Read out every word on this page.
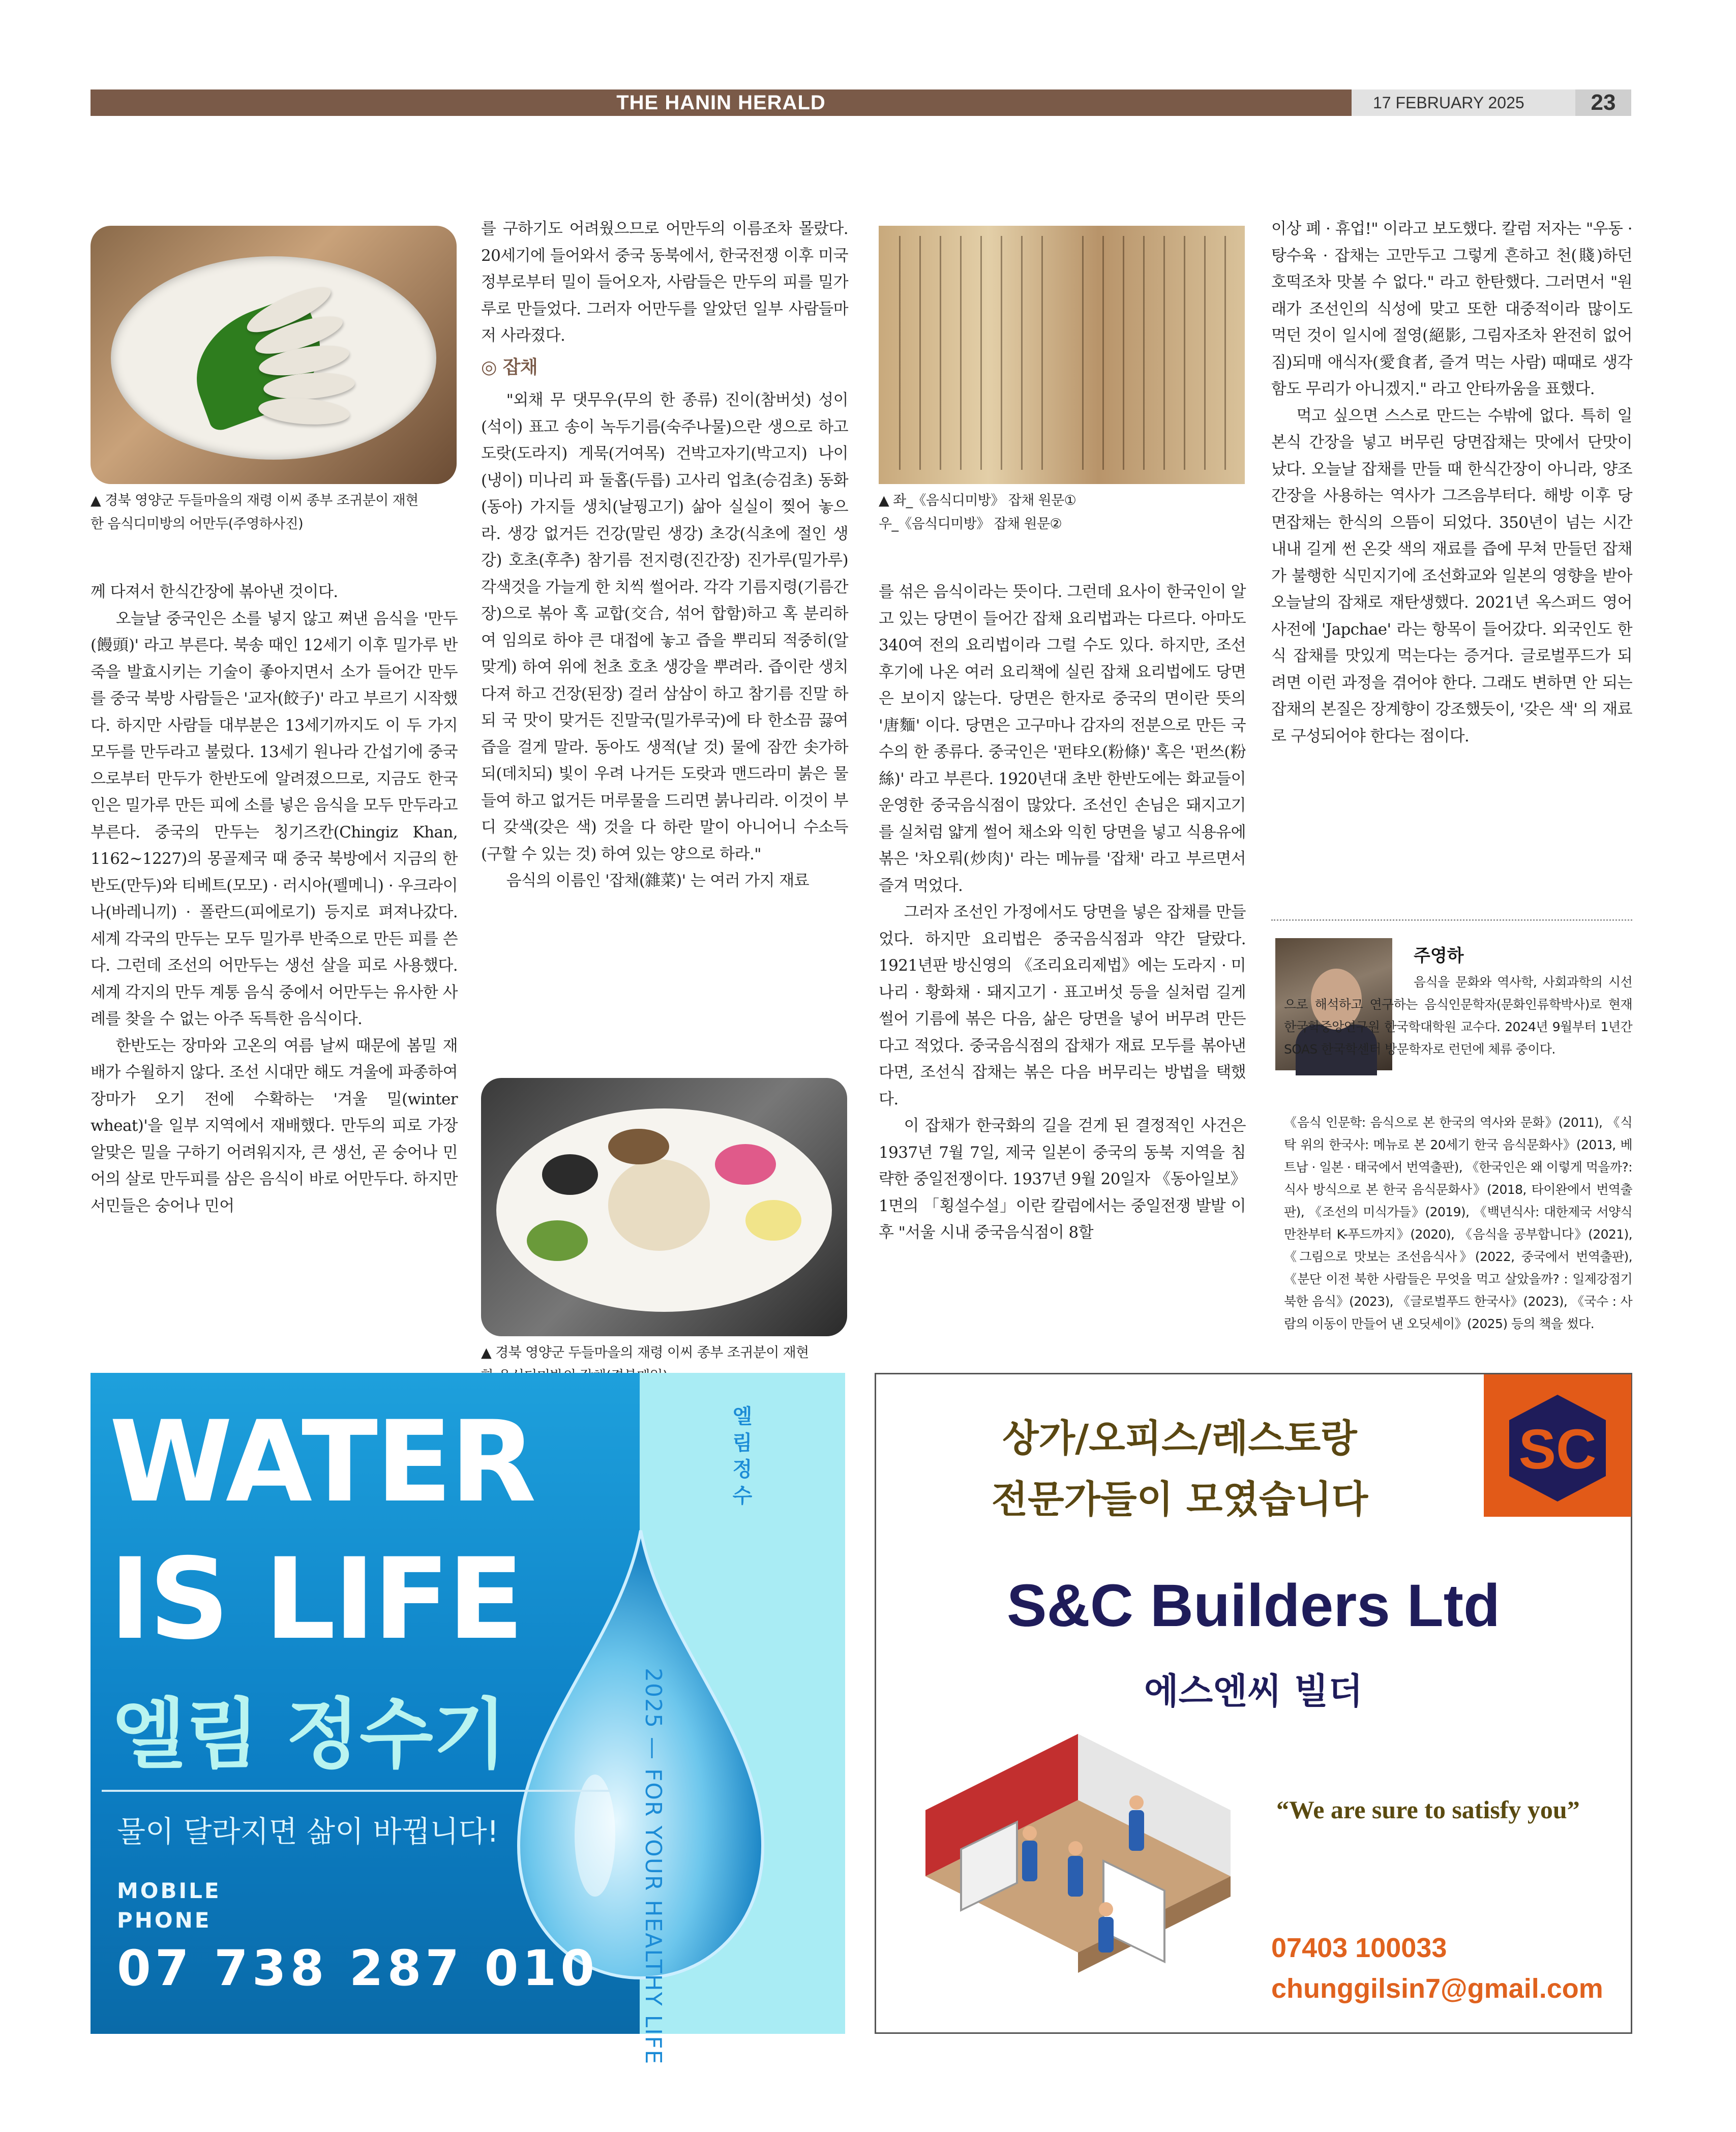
THE HANIN HERALD	17 FEBRUARY 2025	23
▲ 경북 영양군 두들마을의 재령 이씨 종부 조귀분이 재현
한 음식디미방의 어만두(주영하사진)

께 다져서 한식간장에 볶아낸 것이다.

오늘날 중국인은 소를 넣지 않고 쪄낸 음식을 '만두(饅頭)' 라고 부른다. 북송 때인 12세기 이후 밀가루 반죽을 발효시키는 기술이 좋아지면서 소가 들어간 만두를 중국 북방 사람들은 '교자(餃子)' 라고 부르기 시작했다. 하지만 사람들 대부분은 13세기까지도 이 두 가지 모두를 만두라고 불렀다. 13세기 원나라 간섭기에 중국으로부터 만두가 한반도에 알려졌으므로, 지금도 한국인은 밀가루 만든 피에 소를 넣은 음식을 모두 만두라고 부른다. 중국의 만두는 칭기즈칸(Chingiz Khan, 1162~1227)의 몽골제국 때 중국 북방에서 지금의 한반도(만두)와 티베트(모모) · 러시아(펠메니) · 우크라이나(바레니끼) · 폴란드(피에로기) 등지로 펴져나갔다. 세계 각국의 만두는 모두 밀가루 반죽으로 만든 피를 쓴다. 그런데 조선의 어만두는 생선 살을 피로 사용했다. 세계 각지의 만두 계통 음식 중에서 어만두는 유사한 사례를 찾을 수 없는 아주 독특한 음식이다.

한반도는 장마와 고온의 여름 날씨 때문에 봄밀 재배가 수월하지 않다. 조선 시대만 해도 겨울에 파종하여 장마가 오기 전에 수확하는 '겨울 밀(winter wheat)'을 일부 지역에서 재배했다. 만두의 피로 가장 알맞은 밀을 구하기 어려워지자, 큰 생선, 곧 숭어나 민어의 살로 만두피를 삼은 음식이 바로 어만두다. 하지만 서민들은 숭어나 민어

를 구하기도 어려웠으므로 어만두의 이름조차 몰랐다. 20세기에 들어와서 중국 동북에서, 한국전쟁 이후 미국 정부로부터 밀이 들어오자, 사람들은 만두의 피를 밀가루로 만들었다. 그러자 어만두를 알았던 일부 사람들마저 사라졌다.

◎ 잡채

"외채 무 댓무우(무의 한 종류) 진이(참버섯) 성이(석이) 표고 송이 녹두기름(숙주나물)으란 생으로 하고 도랏(도라지) 게묵(거여목) 건박고자기(박고지) 나이(냉이) 미나리 파 둘홉(두릅) 고사리 업초(승검초) 동화(동아) 가지들 생치(날꿩고기) 삶아 실실이 찢어 놓으라. 생강 없거든 건강(말린 생강) 초강(식초에 절인 생강) 호초(후추) 참기름 전지령(진간장) 진가루(밀가루) 각색것을 가늘게 한 치씩 썰어라. 각각 기름지령(기름간장)으로 볶아 혹 교합(交合, 섞어 합함)하고 혹 분리하여 임의로 하야 큰 대접에 놓고 즙을 뿌리되 적중히(알맞게) 하여 위에 천초 호초 생강을 뿌려라. 즙이란 생치 다져 하고 건장(된장) 걸러 삼삼이 하고 참기름 진말 하되 국 맛이 맞거든 진말국(밀가루국)에 타 한소끔 끓여 즙을 걸게 말라. 동아도 생적(날 것) 물에 잠깐 솟가하되(데치되) 빛이 우려 나거든 도랏과 맨드라미 붉은 물 들여 하고 없거든 머루물을 드리면 붉나리라. 이것이 부디 갖색(갖은 색) 것을 다 하란 말이 아니어니 수소득(구할 수 있는 것) 하여 있는 양으로 하라."

음식의 이름인 '잡채(雜菜)' 는 여러 가지 재료

▲ 경북 영양군 두들마을의 재령 이씨 종부 조귀분이 재현
▲ 좌_《음식디미방》 잡채 원문①
우_《음식디미방》 잡채 원문②

를 섞은 음식이라는 뜻이다. 그런데 요사이 한국인이 알고 있는 당면이 들어간 잡채 요리법과는 다르다. 아마도 340여 전의 요리법이라 그럴 수도 있다. 하지만, 조선 후기에 나온 여러 요리책에 실린 잡채 요리법에도 당면은 보이지 않는다. 당면은 한자로 중국의 면이란 뜻의 '唐麵' 이다. 당면은 고구마나 감자의 전분으로 만든 국수의 한 종류다. 중국인은 '펀탸오(粉條)' 혹은 '펀쓰(粉絲)' 라고 부른다. 1920년대 초반 한반도에는 화교들이 운영한 중국음식점이 많았다. 조선인 손님은 돼지고기를 실처럼 얇게 썰어 채소와 익힌 당면을 넣고 식용유에 볶은 '차오뤄(炒肉)' 라는 메뉴를 '잡채' 라고 부르면서 즐겨 먹었다.

그러자 조선인 가정에서도 당면을 넣은 잡채를 만들었다. 하지만 요리법은 중국음식점과 약간 달랐다. 1921년판 방신영의 《조리요리제법》에는 도라지 · 미나리 · 황화채 · 돼지고기 · 표고버섯 등을 실처럼 길게 썰어 기름에 볶은 다음, 삶은 당면을 넣어 버무려 만든다고 적었다. 중국음식점의 잡채가 재료 모두를 볶아낸다면, 조선식 잡채는 볶은 다음 버무리는 방법을 택했다.

이 잡채가 한국화의 길을 걷게 된 결정적인 사건은 1937년 7월 7일, 제국 일본이 중국의 동북 지역을 침략한 중일전쟁이다. 1937년 9월 20일자 《동아일보》 1면의 「횡설수설」이란 칼럼에서는 중일전쟁 발발 이후 "서울 시내 중국음식점이 8할

이상 폐 · 휴업!" 이라고 보도했다. 칼럼 저자는 "우동 · 탕수육 · 잡채는 고만두고 그렇게 흔하고 천(賤)하던 호떡조차 맛볼 수 없다." 라고 한탄했다. 그러면서 "원래가 조선인의 식성에 맞고 또한 대중적이라 많이도 먹던 것이 일시에 절영(絕影, 그림자조차 완전히 없어짐)되매 애식자(愛食者, 즐겨 먹는 사람) 때때로 생각함도 무리가 아니겠지." 라고 안타까움을 표했다.

먹고 싶으면 스스로 만드는 수밖에 없다. 특히 일본식 간장을 넣고 버무린 당면잡채는 맛에서 단맛이 났다. 오늘날 잡채를 만들 때 한식간장이 아니라, 양조간장을 사용하는 역사가 그즈음부터다. 해방 이후 당면잡채는 한식의 으뜸이 되었다. 350년이 넘는 시간 내내 길게 썬 온갖 색의 재료를 즙에 무쳐 만들던 잡채가 불행한 식민지기에 조선화교와 일본의 영향을 받아 오늘날의 잡채로 재탄생했다. 2021년 옥스퍼드 영어사전에 'Japchae' 라는 항목이 들어갔다. 외국인도 한식 잡채를 맛있게 먹는다는 증거다. 글로벌푸드가 되려면 이런 과정을 겪어야 한다. 그래도 변하면 안 되는 잡채의 본질은 장계향이 강조했듯이, '갖은 색' 의 재료로 구성되어야 한다는 점이다.

주영하
음식을 문화와 역사학, 사회과학의 시선으로 해석하고 연구하는 음식인문학자(문화인류학박사)로 현재 한국학중앙연구원 한국학대학원 교수다. 2024년 9월부터 1년간 SOAS 한국학센터 방문학자로 런던에 체류 중이다.
《음식 인문학: 음식으로 본 한국의 역사와 문화》(2011), 《식탁 위의 한국사: 메뉴로 본 20세기 한국 음식문화사》(2013, 베트남 · 일본 · 태국에서 번역출판), 《한국인은 왜 이렇게 먹을까?: 식사 방식으로 본 한국 음식문화사》(2018, 타이완에서 번역출판), 《조선의 미식가들》(2019), 《백년식사: 대한제국 서양식 만찬부터 K-푸드까지》(2020), 《음식을 공부합니다》(2021), 《그림으로 맛보는 조선음식사》(2022, 중국에서 번역출판), 《분단 이전 북한 사람들은 무엇을 먹고 살았을까? : 일제강점기 북한 음식》(2023), 《글로벌푸드 한국사》(2023), 《국수 : 사람의 이동이 만들어 낸 오딧세이》(2025) 등의 책을 썼다.
WATER
IS LIFE
엘림 정수기
물이 달라지면 삶이 바뀝니다!
MOBILE
PHONE
07 738 287 010
엘림
정수
2025 — FOR YOUR HEALTHY LIFE
SC
상가/오피스/레스토랑
전문가들이 모였습니다
S&C Builders Ltd
에스엔씨 빌더
“We are sure to satisfy you”
07403 100033
chunggilsin7@gmail.com
